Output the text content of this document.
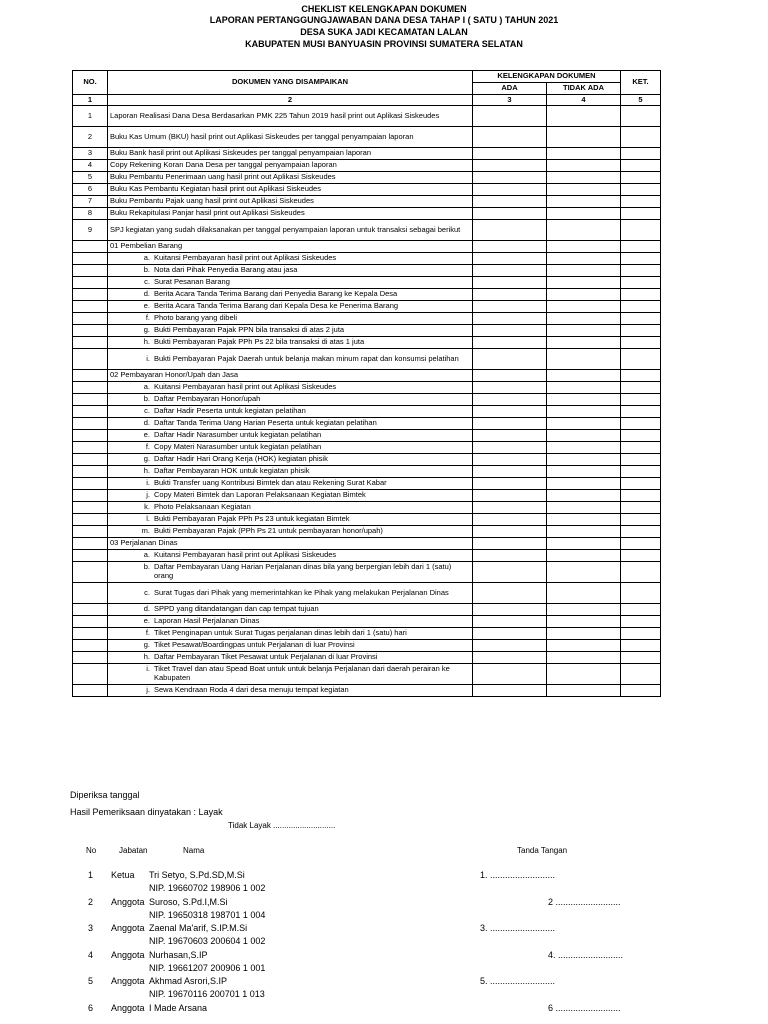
CHEKLIST KELENGKAPAN DOKUMEN
LAPORAN PERTANGGUNGJAWABAN DANA DESA TAHAP I ( SATU ) TAHUN 2021
DESA SUKA JADI KECAMATAN LALAN
KABUPATEN MUSI BANYUASIN PROVINSI SUMATERA SELATAN
NO.	DOKUMEN YANG DISAMPAIKAN	KELENGKAPAN DOKUMEN		KET.
		ADA	TIDAK ADA	
1	2	3	4	5
1	Laporan Realisasi Dana Desa Berdasarkan PMK 225 Tahun 2019 hasil print out Aplikasi Siskeudes			
2	Buku Kas Umum (BKU) hasil print out Aplikasi Siskeudes per tanggal penyampaian laporan			
3	Buku Bank hasil print out Aplikasi Siskeudes per tanggal penyampaian laporan			
4	Copy Rekening Koran Dana Desa per tanggal penyampaian laporan			
5	Buku Pembantu Penerimaan uang hasil print out Aplikasi Siskeudes			
6	Buku Kas Pembantu Kegiatan hasil print out Aplikasi Siskeudes			
7	Buku Pembantu Pajak uang hasil print out Aplikasi Siskeudes			
8	Buku Rekapitulasi Panjar hasil print out Aplikasi Siskeudes			
9	SPJ kegiatan yang sudah dilaksanakan per tanggal penyampaian laporan untuk transaksi sebagai berikut			
	01 Pembelian Barang			

	a. Kuitansi Pembayaran hasil print out Aplikasi Siskeudes			

	b. Nota dari Pihak Penyedia Barang atau jasa			

	c. Surat Pesanan Barang			

	d. Berita Acara Tanda Terima Barang dari Penyedia Barang ke Kepala Desa			

	e. Berita Acara Tanda Terima Barang dari Kepala Desa ke Penerima Barang			

	f. Photo barang yang dibeli			

	g. Bukti Pembayaran Pajak PPN bila transaksi di atas 2 juta			

	h. Bukti Pembayaran Pajak PPh Ps 22 bila transaksi di atas 1 juta			

	i. Bukti Pembayaran Pajak Daerah untuk belanja makan minum rapat dan konsumsi pelatihan			

	02 Pembayaran Honor/Upah dan Jasa			

	a. Kuitansi Pembayaran hasil print out Aplikasi Siskeudes			

	b. Daftar Pembayaran Honor/upah			

	c. Daftar Hadir Peserta untuk kegiatan pelatihan			

	d. Daftar Tanda Terima Uang Harian Peserta untuk kegiatan pelatihan			

	e. Daftar Hadir Narasumber untuk kegiatan pelatihan			

	f. Copy Materi Narasumber untuk kegiatan pelatihan			

	g. Daftar Hadir Hari Orang Kerja (HOK) kegiatan phisik			

	h. Daftar Pembayaran HOK untuk kegiatan phisik			

	i. Bukti Transfer uang Kontribusi Bimtek dan atau Rekening Surat Kabar			

	j. Copy Materi Bimtek dan Laporan Pelaksanaan Kegiatan Bimtek			

	k. Photo Pelaksanaan Kegiatan			

	l. Bukti Pembayaran Pajak PPh Ps 23 untuk kegiatan Bimtek			

	m. Bukti Pembayaran Pajak (PPh Ps 21 untuk pembayaran honor/upah)			

	03 Perjalanan Dinas			

	a. Kuitansi Pembayaran hasil print out Aplikasi Siskeudes			

	b. Daftar Pembayaran Uang Harian Perjalanan dinas bila yang berpergian lebih dari 1 (satu) orang			

	c. Surat Tugas dari Pihak yang memerintahkan ke Pihak yang melakukan Perjalanan Dinas			

	d. SPPD yang ditandatangan dan cap tempat tujuan			

	e. Laporan Hasil Perjalanan Dinas			

	f. Tiket Penginapan untuk Surat Tugas perjalanan dinas lebih dari 1 (satu) hari			

	g. Tiket Pesawat/Boardingpas untuk Perjalanan di luar Provinsi			

	h. Daftar Pembayaran Tiket Pesawat untuk Perjalanan di luar Provinsi			

	i. Tiket Travel dan atau Spead Boat untuk untuk belanja Perjalanan dari daerah perairan ke Kabupaten			

	j. Sewa Kendraan Roda 4 dari desa menuju tempat kegiatan			

Diperiksa tanggal
Hasil Pemeriksaan dinyatakan : Layak
Tidak Layak ............................
No	Jabatan	Nama	Tanda Tangan
1 Ketua Tri Setyo, S.Pd.SD,M.Si
NIP. 19660702 198906 1 002
1. ..........................
2 Anggota Suroso, S.Pd.I,M.Si
NIP. 19650318 198701 1 004
2 ..........................
3 Anggota Zaenal Ma'arif, S.IP.M.Si
NIP. 19670603 200604 1 002
3. ..........................
4 Anggota Nurhasan,S.IP
NIP. 19661207 200906 1 001
4. ..........................
5 Anggota Akhmad Asrori,S.IP
NIP. 19670116 200701 1 013
5. ..........................
6 Anggota I Made Arsana	6 ..........................
